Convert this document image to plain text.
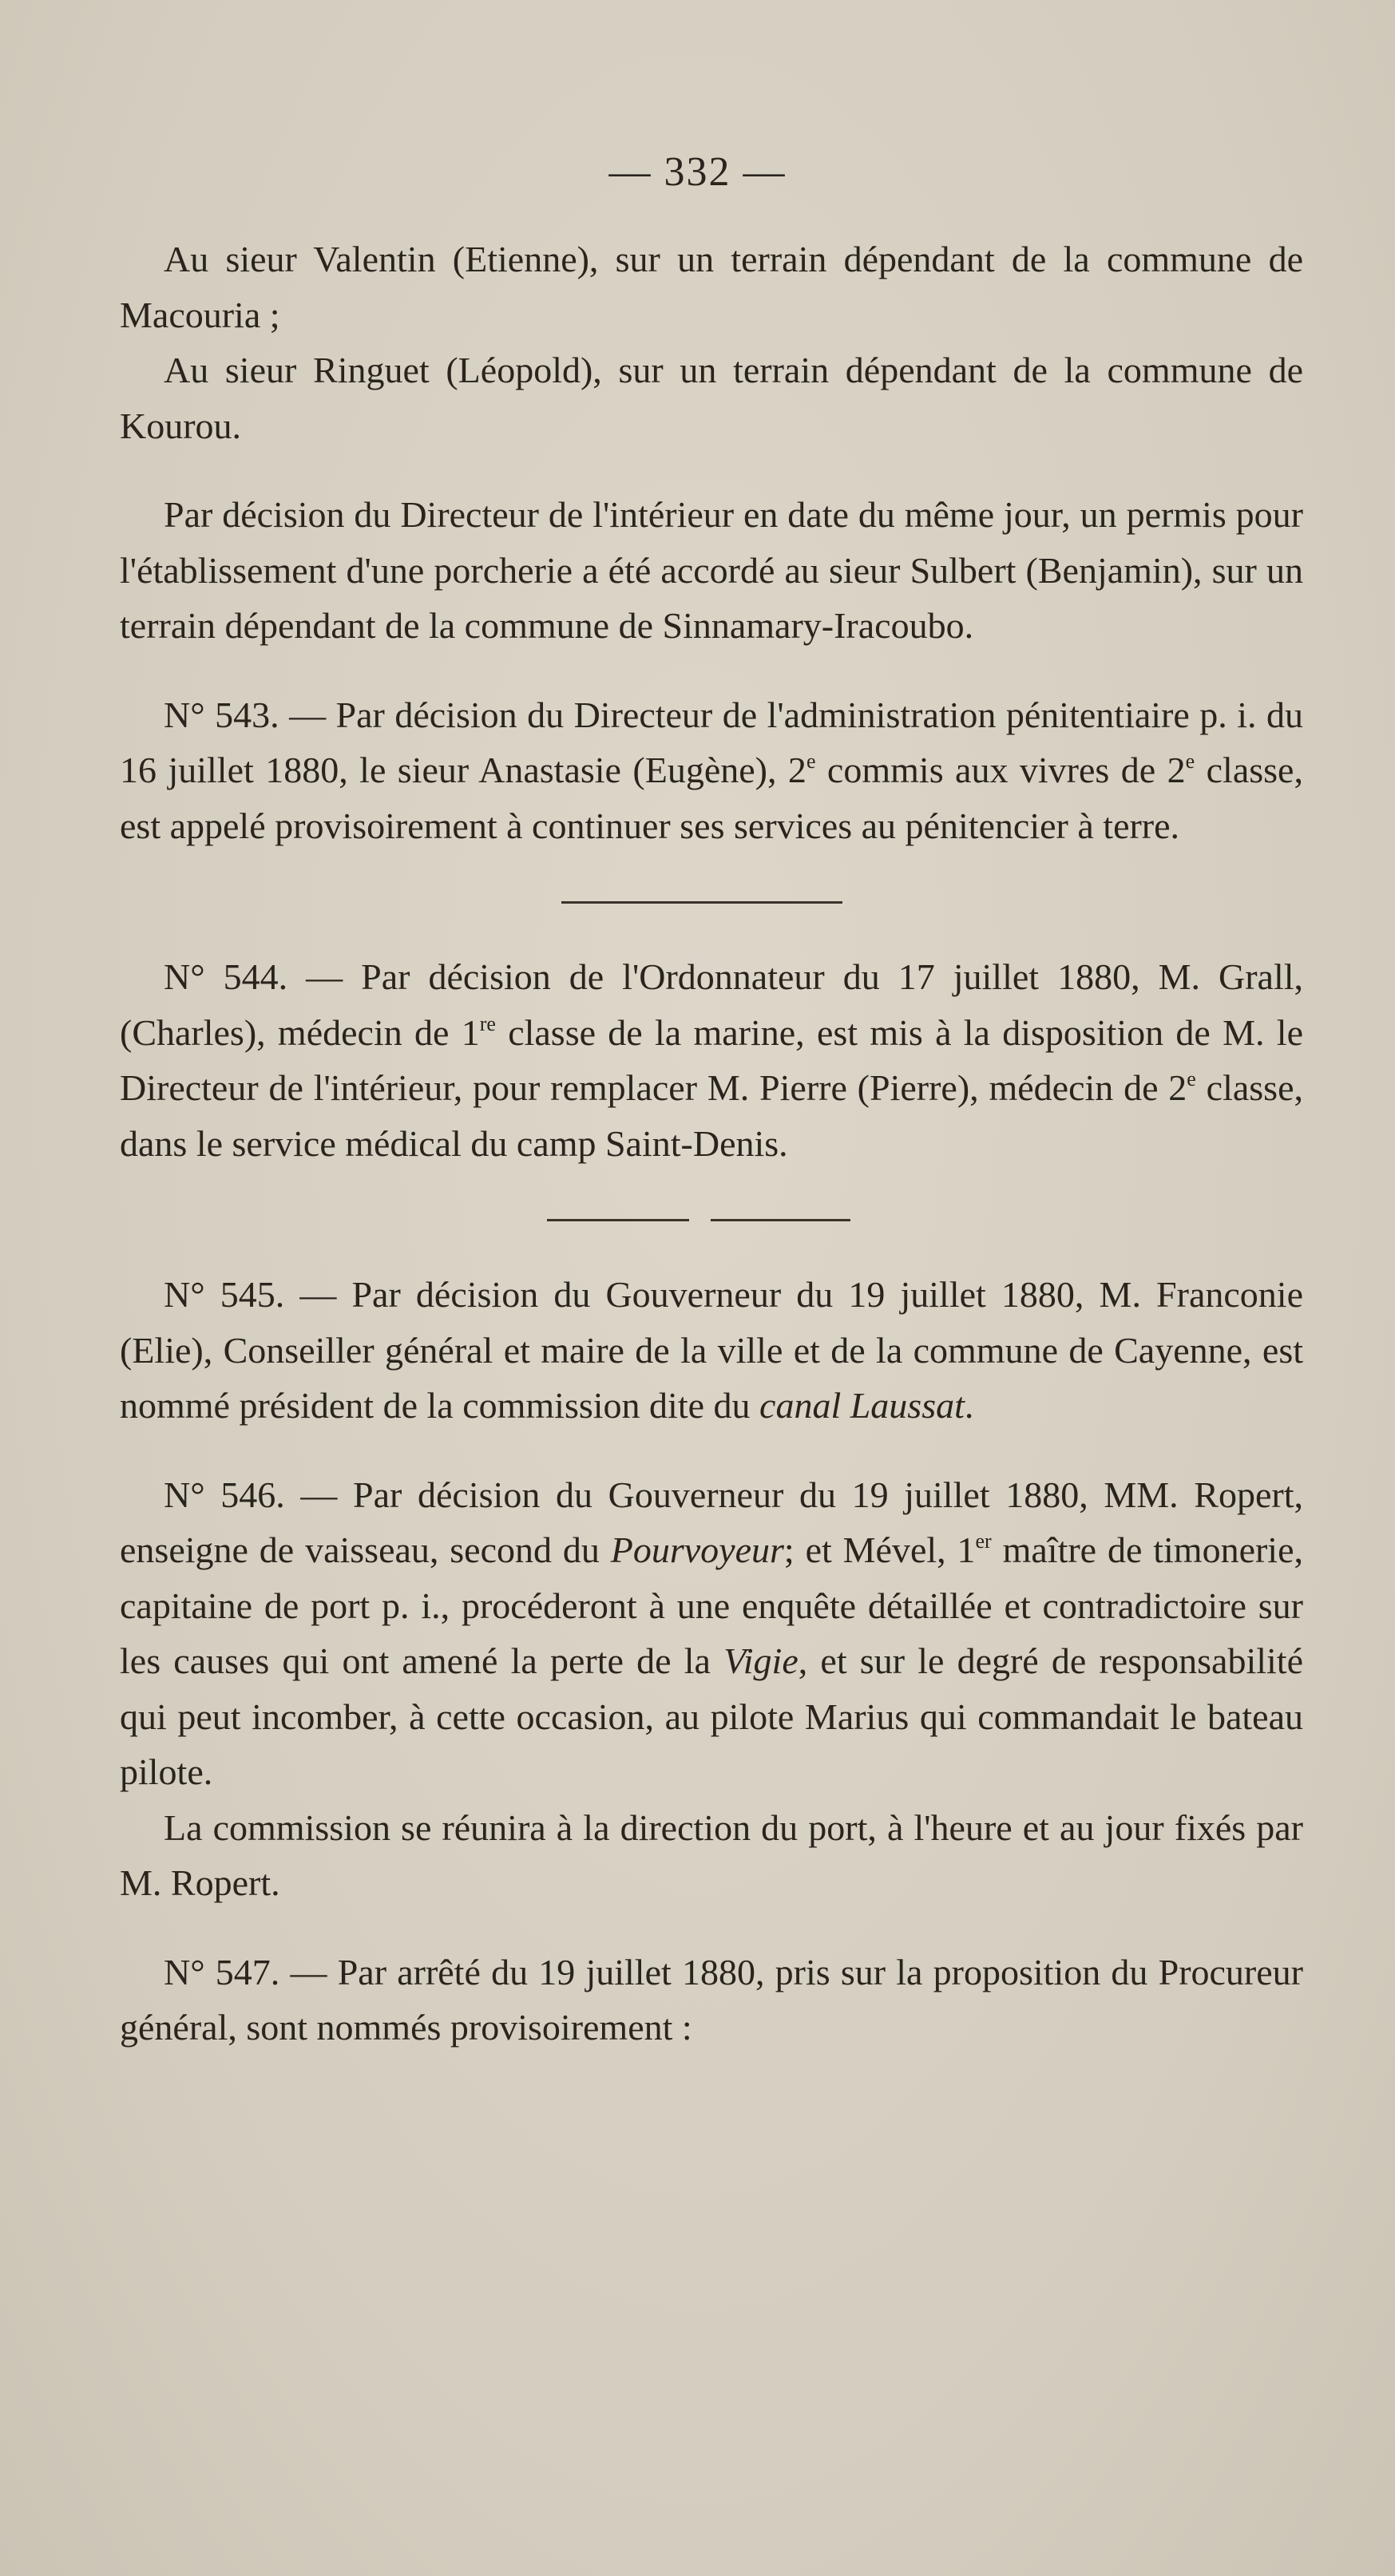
— 332 —

Au sieur Valentin (Etienne), sur un terrain dépendant de la commune de Macouria ;

Au sieur Ringuet (Léopold), sur un terrain dépendant de la commune de Kourou.

Par décision du Directeur de l'intérieur en date du même jour, un permis pour l'établissement d'une porcherie a été accordé au sieur Sulbert (Benjamin), sur un terrain dépendant de la commune de Sinnamary-Iracoubo.

N° 543. — Par décision du Directeur de l'administration pénitentiaire p. i. du 16 juillet 1880, le sieur Anastasie (Eugène), 2e commis aux vivres de 2e classe, est appelé provisoirement à continuer ses services au pénitencier à terre.

N° 544. — Par décision de l'Ordonnateur du 17 juillet 1880, M. Grall, (Charles), médecin de 1re classe de la marine, est mis à la disposition de M. le Directeur de l'intérieur, pour remplacer M. Pierre (Pierre), médecin de 2e classe, dans le service médical du camp Saint-Denis.

N° 545. — Par décision du Gouverneur du 19 juillet 1880, M. Franconie (Elie), Conseiller général et maire de la ville et de la commune de Cayenne, est nommé président de la commission dite du canal Laussat.

N° 546. — Par décision du Gouverneur du 19 juillet 1880, MM. Ropert, enseigne de vaisseau, second du Pourvoyeur; et Mével, 1er maître de timonerie, capitaine de port p. i., procéderont à une enquête détaillée et contradictoire sur les causes qui ont amené la perte de la Vigie, et sur le degré de responsabilité qui peut incomber, à cette occasion, au pilote Marius qui commandait le bateau pilote.

La commission se réunira à la direction du port, à l'heure et au jour fixés par M. Ropert.

N° 547. — Par arrêté du 19 juillet 1880, pris sur la proposition du Procureur général, sont nommés provisoirement :
